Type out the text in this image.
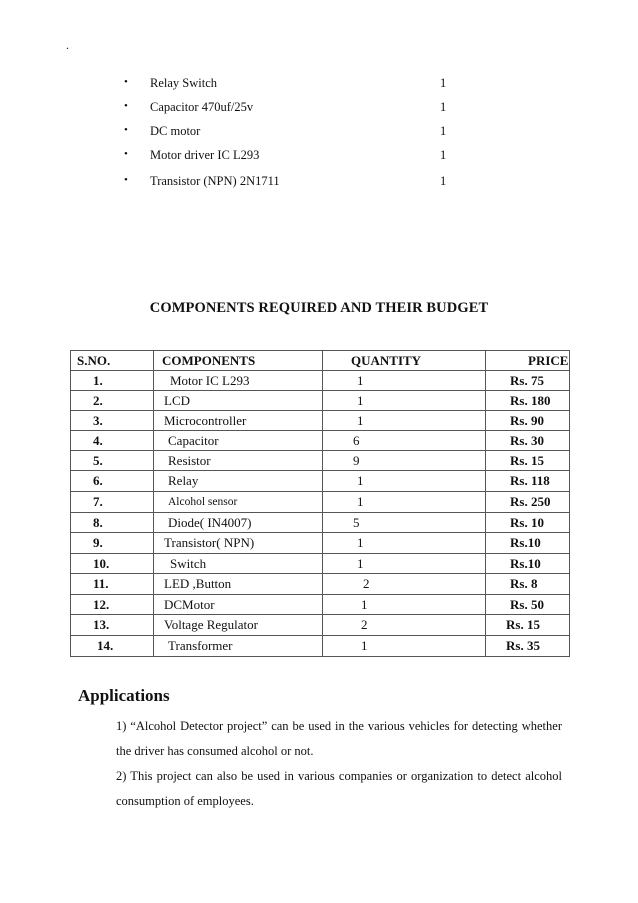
.
• Relay Switch	1
• Capacitor 470uf/25v	1
• DC motor	1
• Motor driver IC L293	1
• Transistor (NPN) 2N1711	1
COMPONENTS REQUIRED AND THEIR BUDGET
S.NO.	COMPONENTS	QUANTITY	PRICE
1.	Motor IC L293	1	Rs. 75
2.	LCD	1	Rs. 180
3.	Microcontroller	1	Rs. 90
4.	Capacitor	6	Rs. 30
5.	Resistor	9	Rs. 15
6.	Relay	1	Rs. 118
7.	Alcohol sensor	1	Rs. 250
8.	Diode( IN4007)	5	Rs. 10
9.	Transistor( NPN)	1	Rs.10
10.	Switch	1	Rs.10
11.	LED ,Button	2	Rs. 8
12.	DCMotor	1	Rs. 50
13.	Voltage Regulator	2	Rs. 15
14.	Transformer	1	Rs. 35
Applications

1) “Alcohol Detector project” can be used in the various vehicles for detecting whether the driver has consumed alcohol or not.

2) This project can also be used in various companies or organization to detect alcohol consumption of employees.
